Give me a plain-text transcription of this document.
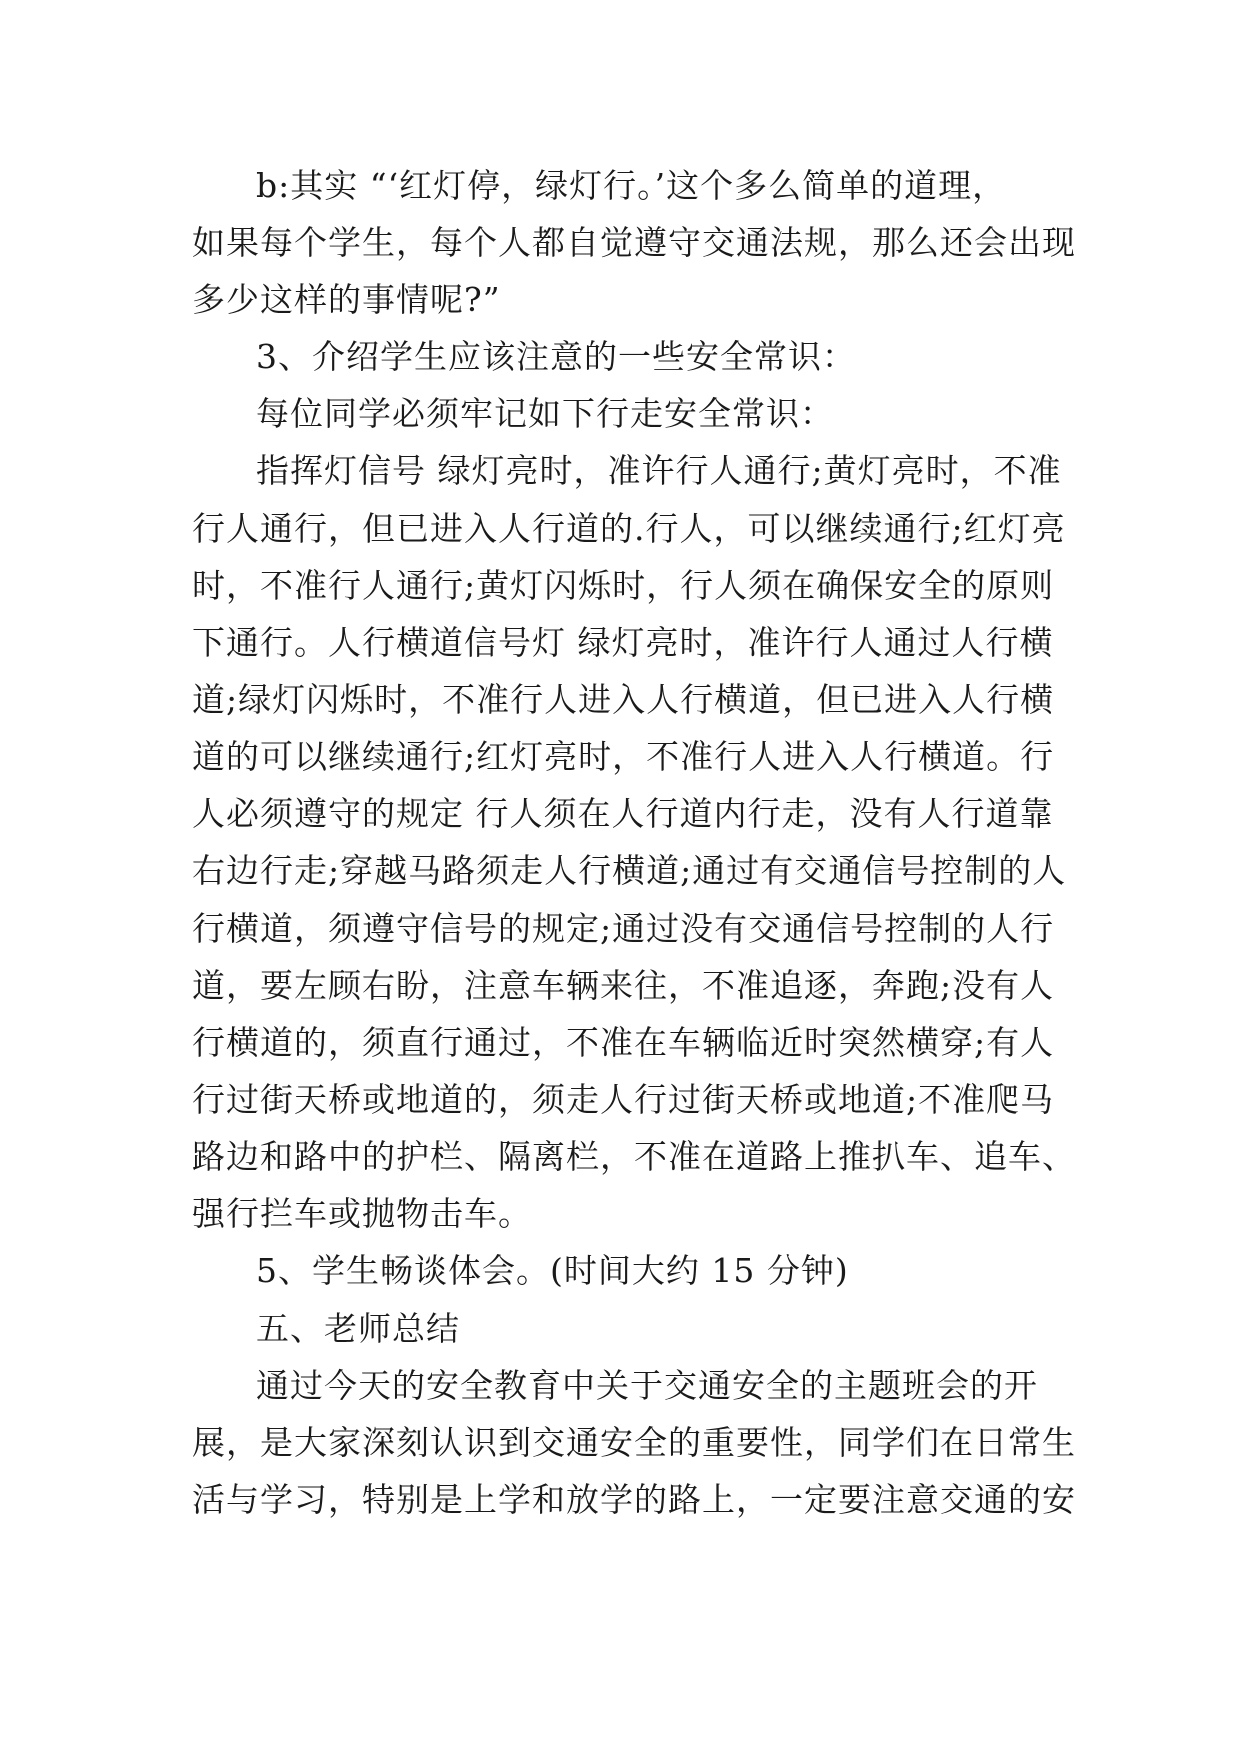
b:其实 “‘红灯停，绿灯行。’这个多么简单的道理，
如果每个学生，每个人都自觉遵守交通法规，那么还会出现
多少这样的事情呢?”
3、介绍学生应该注意的一些安全常识：
每位同学必须牢记如下行走安全常识：
指挥灯信号 绿灯亮时，准许行人通行;黄灯亮时，不准
行人通行，但已进入人行道的.行人，可以继续通行;红灯亮
时，不准行人通行;黄灯闪烁时，行人须在确保安全的原则
下通行。人行横道信号灯 绿灯亮时，准许行人通过人行横
道;绿灯闪烁时，不准行人进入人行横道，但已进入人行横
道的可以继续通行;红灯亮时，不准行人进入人行横道。行
人必须遵守的规定 行人须在人行道内行走，没有人行道靠
右边行走;穿越马路须走人行横道;通过有交通信号控制的人
行横道，须遵守信号的规定;通过没有交通信号控制的人行
道，要左顾右盼，注意车辆来往，不准追逐，奔跑;没有人
行横道的，须直行通过，不准在车辆临近时突然横穿;有人
行过街天桥或地道的，须走人行过街天桥或地道;不准爬马
路边和路中的护栏、隔离栏，不准在道路上推扒车、追车、
强行拦车或抛物击车。
5、学生畅谈体会。(时间大约 15 分钟)
五、老师总结
通过今天的安全教育中关于交通安全的主题班会的开
展，是大家深刻认识到交通安全的重要性，同学们在日常生
活与学习，特别是上学和放学的路上，一定要注意交通的安
